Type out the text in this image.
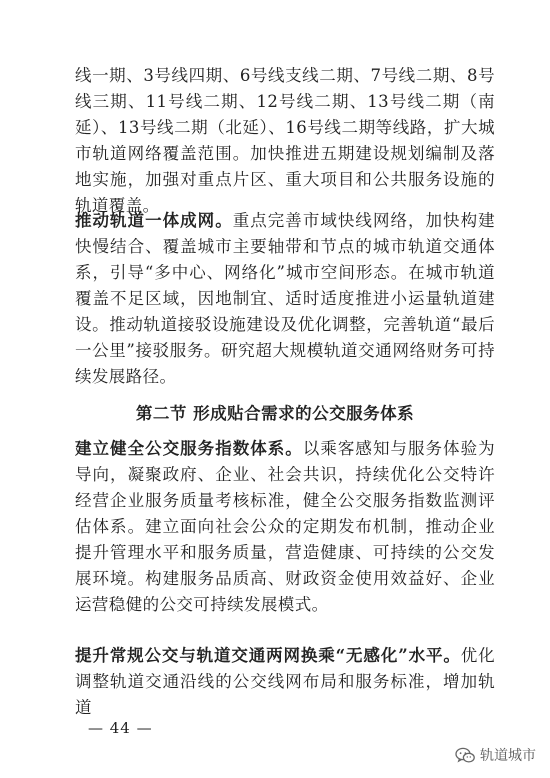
线一期、3号线四期、6号线支线二期、7号线二期、8号线三期、11号线二期、12号线二期、13号线二期（南延）、13号线二期（北延）、16号线二期等线路，扩大城市轨道网络覆盖范围。加快推进五期建设规划编制及落地实施，加强对重点片区、重大项目和公共服务设施的轨道覆盖。

推动轨道一体成网。重点完善市域快线网络，加快构建快慢结合、覆盖城市主要轴带和节点的城市轨道交通体系，引导“多中心、网络化”城市空间形态。在城市轨道覆盖不足区域，因地制宜、适时适度推进小运量轨道建设。推动轨道接驳设施建设及优化调整，完善轨道“最后一公里”接驳服务。研究超大规模轨道交通网络财务可持续发展路径。

第二节 形成贴合需求的公交服务体系

建立健全公交服务指数体系。以乘客感知与服务体验为导向，凝聚政府、企业、社会共识，持续优化公交特许经营企业服务质量考核标准，健全公交服务指数监测评估体系。建立面向社会公众的定期发布机制，推动企业提升管理水平和服务质量，营造健康、可持续的公交发展环境。构建服务品质高、财政资金使用效益好、企业运营稳健的公交可持续发展模式。

提升常规公交与轨道交通两网换乘“无感化”水平。优化调整轨道交通沿线的公交线网布局和服务标准，增加轨道

— 44 —
轨道城市
